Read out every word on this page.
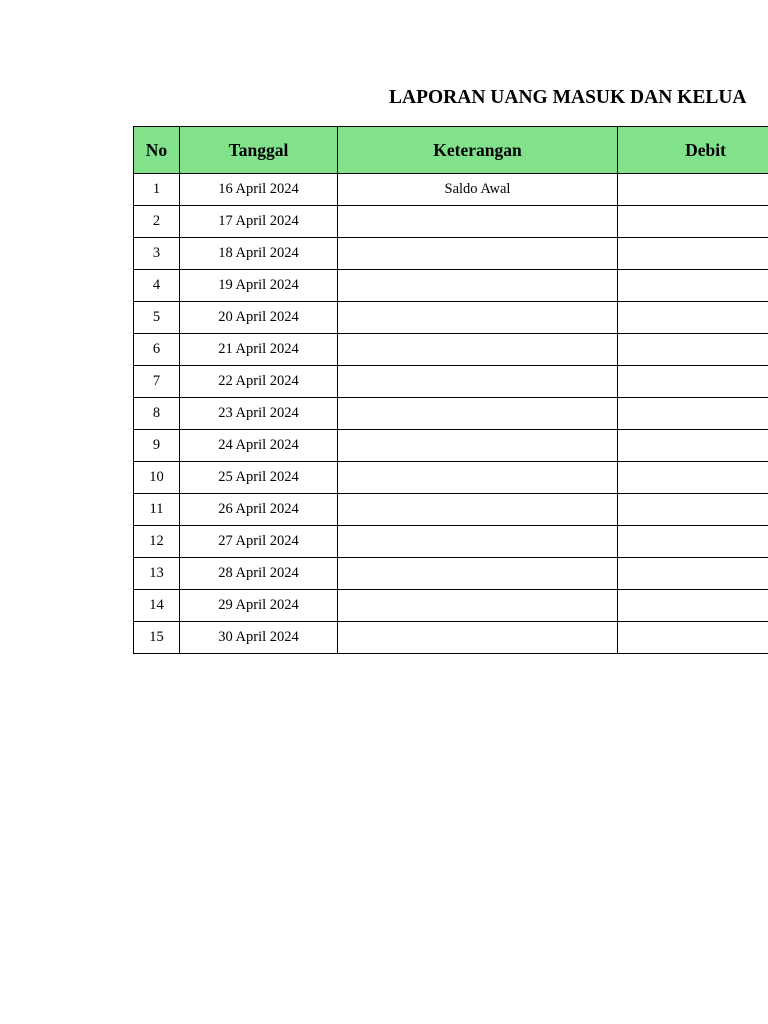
LAPORAN UANG MASUK DAN KELUA
No	Tanggal	Keterangan	Debit
1	16 April 2024	Saldo Awal	
2	17 April 2024		
3	18 April 2024		
4	19 April 2024		
5	20 April 2024		
6	21 April 2024		
7	22 April 2024		
8	23 April 2024		
9	24 April 2024		
10	25 April 2024		
11	26 April 2024		
12	27 April 2024		
13	28 April 2024		
14	29 April 2024		
15	30 April 2024		
